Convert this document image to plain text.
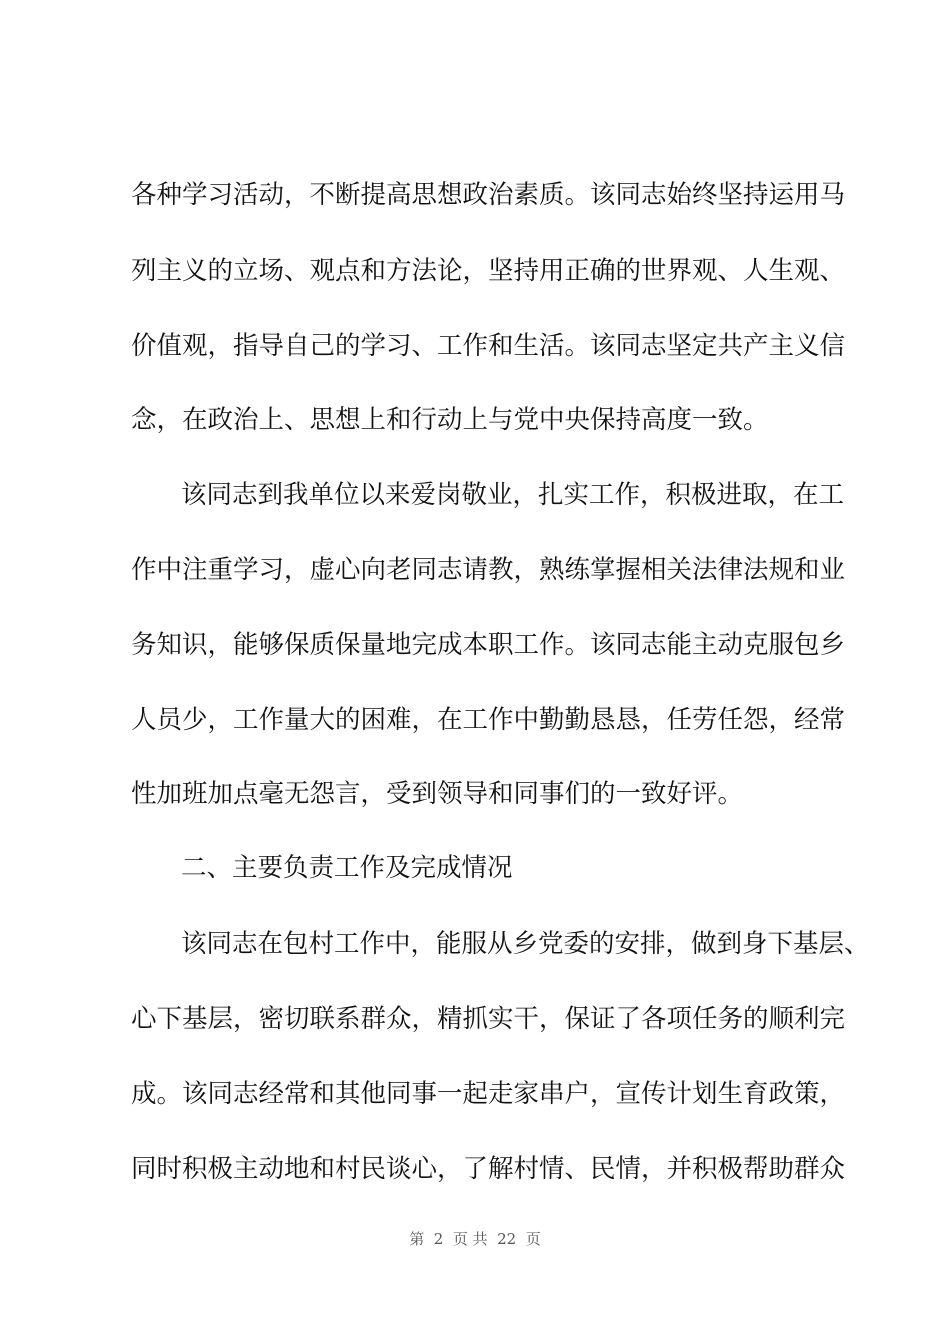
各种学习活动，不断提高思想政治素质。该同志始终坚持运用马
列主义的立场、观点和方法论，坚持用正确的世界观、人生观、
价值观，指导自己的学习、工作和生活。该同志坚定共产主义信
念，在政治上、思想上和行动上与党中央保持高度一致。
该同志到我单位以来爱岗敬业，扎实工作，积极进取，在工
作中注重学习，虚心向老同志请教，熟练掌握相关法律法规和业
务知识，能够保质保量地完成本职工作。该同志能主动克服包乡
人员少，工作量大的困难，在工作中勤勤恳恳，任劳任怨，经常
性加班加点毫无怨言，受到领导和同事们的一致好评。
二、主要负责工作及完成情况
该同志在包村工作中，能服从乡党委的安排，做到身下基层、
心下基层，密切联系群众，精抓实干，保证了各项任务的顺利完
成。该同志经常和其他同事一起走家串户，宣传计划生育政策，
同时积极主动地和村民谈心，了解村情、民情，并积极帮助群众
第  2  页 共  22  页
